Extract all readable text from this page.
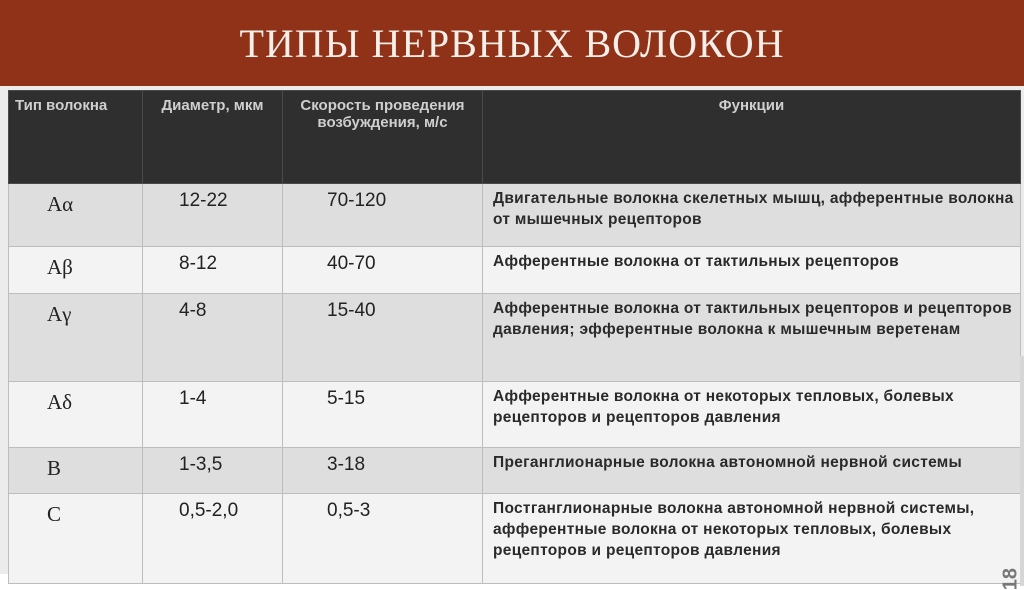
ТИПЫ НЕРВНЫХ ВОЛОКОН
Тип волокна	Диаметр, мкм	Скорость проведения возбуждения, м/с	Функции
Aα	12-22	70-120	Двигательные волокна скелетных мышц, афферентные волокна от мышечных рецепторов
Aβ	8-12	40-70	Афферентные волокна от тактильных рецепторов
Aγ	4-8	15-40	Афферентные волокна от тактильных рецепторов и рецепторов давления; эфферентные волокна к мышечным веретенам
Aδ	1-4	5-15	Афферентные волокна от некоторых тепловых, болевых рецепторов и рецепторов давления
B	1-3,5	3-18	Преганглионарные волокна автономной нервной системы
C	0,5-2,0	0,5-3	Постганглионарные волокна автономной нервной системы, афферентные волокна от некоторых тепловых, болевых рецепторов и рецепторов давления
18
